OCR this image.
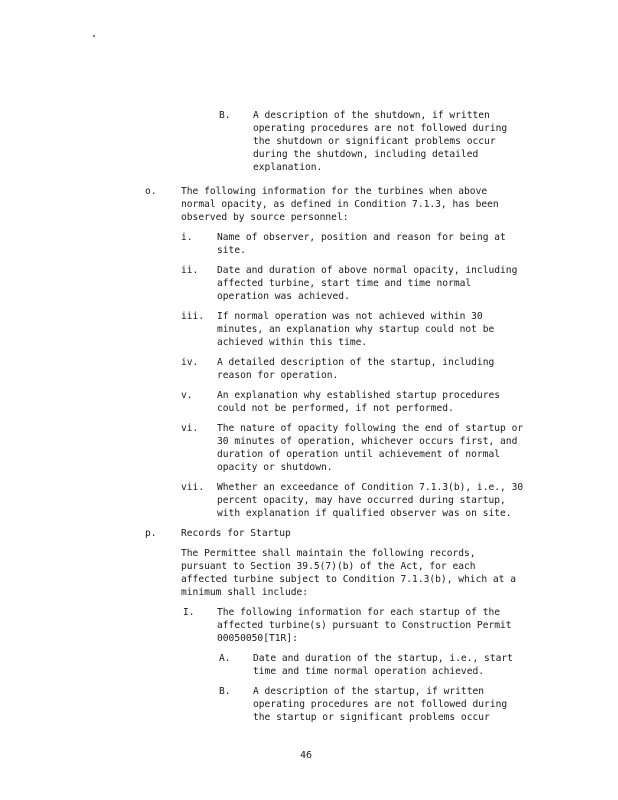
B. A description of the shutdown, if written
operating procedures are not followed during
the shutdown or significant problems occur
during the shutdown, including detailed
explanation.
o.	The following information for the turbines when above
normal opacity, as defined in Condition 7.1.3, has been
observed by source personnel:
i.	Name of observer, position and reason for being at
site.
ii. Date and duration of above normal opacity, including
affected turbine, start time and time normal
operation was achieved.
iii. If normal operation was not achieved within 30
minutes, an explanation why startup could not be
achieved within this time.
iv. A detailed description of the startup, including
reason for operation.
v.	An explanation why established startup procedures
could not be performed, if not performed.
vi. The nature of opacity following the end of startup or
30 minutes of operation, whichever occurs first, and
duration of operation until achievement of normal
opacity or shutdown.
vii. Whether an exceedance of Condition 7.1.3(b), i.e., 30
percent opacity, may have occurred during startup,
with explanation if qualified observer was on site.
p.	Records for Startup
The Permittee shall maintain the following records,
pursuant to Section 39.5(7)(b) of the Act, for each
affected turbine subject to Condition 7.1.3(b), which at a
minimum shall include:
I. The following information for each startup of the
affected turbine(s) pursuant to Construction Permit
00050050[T1R]:
A. Date and duration of the startup, i.e., start
time and time normal operation achieved.
B. A description of the startup, if written
operating procedures are not followed during
the startup or significant problems occur
46
